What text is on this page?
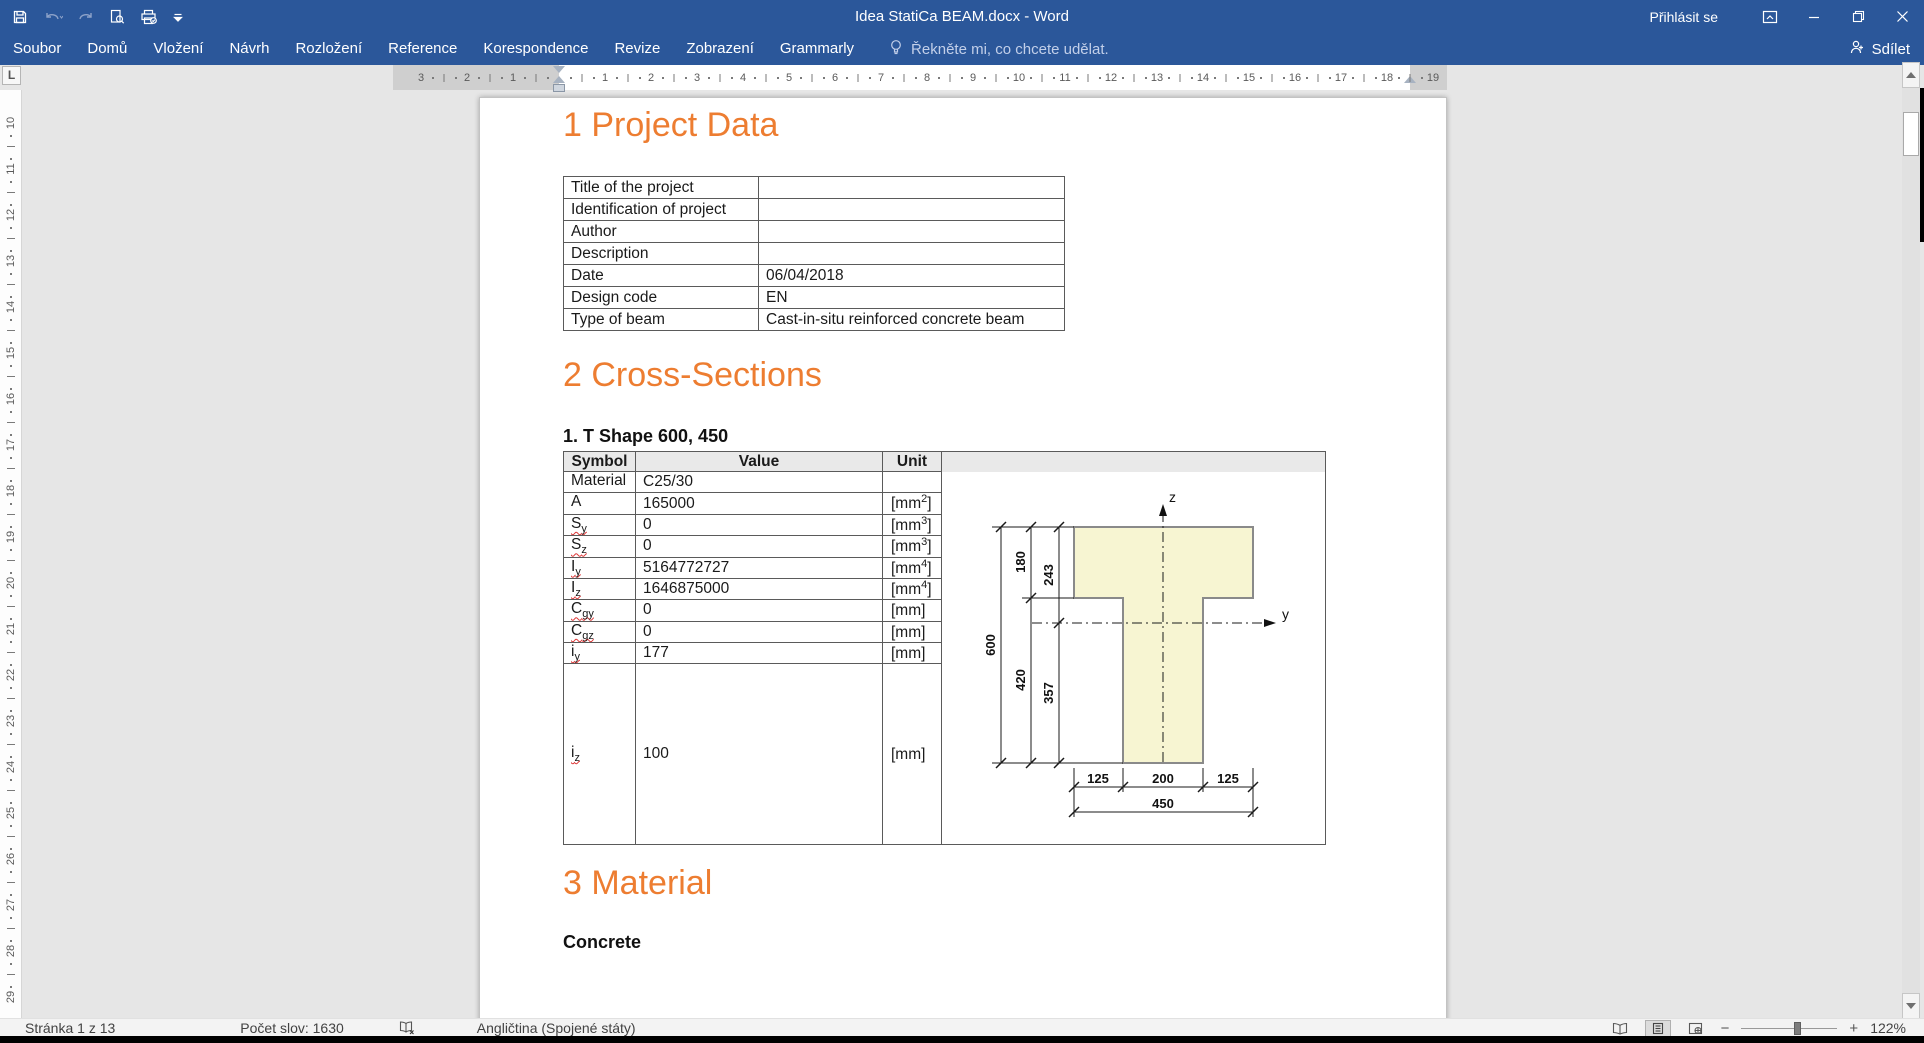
Idea StatiCa BEAM.docx - Word	Přihlásit se
Soubor	Domů	Vložení	Návrh	Rozložení	Reference	Korespondence	Revize	Zobrazení	Grammarly	Řekněte mi, co chcete udělat.	Sdílet
L	3	2	1	1	2	3	4	5	6	7	8	9	10	11	12	13	14	15	16	17	18	19
10
11
12
13
14
15
16
17
18
19
20
21
22
23
24
25
26
27
28
29
1 Project Data
Title of the project	
Identification of project	
Author	
Description	
Date	06/04/2018
Design code	EN
Type of beam	Cast-in-situ reinforced concrete beam
2 Cross-Sections
1. T Shape 600, 450
Symbol	Value	Unit	
Material	C25/30		
z
y
600
180
420
243
357
125	200	125
450

A	165000	$[mm^2]$	
$S_y$	0	$[mm^3]$	
$S_z$	0	$[mm^3]$	
$I_y$	5164772727	$[mm^4]$	
$I_z$	1646875000	$[mm^4]$	
$C_{gy}$	0	[mm]	
$C_{gz}$	0	[mm]	
$i_y$	177	[mm]	
$i_z$	100	[mm]	
3 Material
Concrete
Stránka 1 z 13	Počet slov: 1630	Angličtina (Spojené státy)	−	+ 122%
